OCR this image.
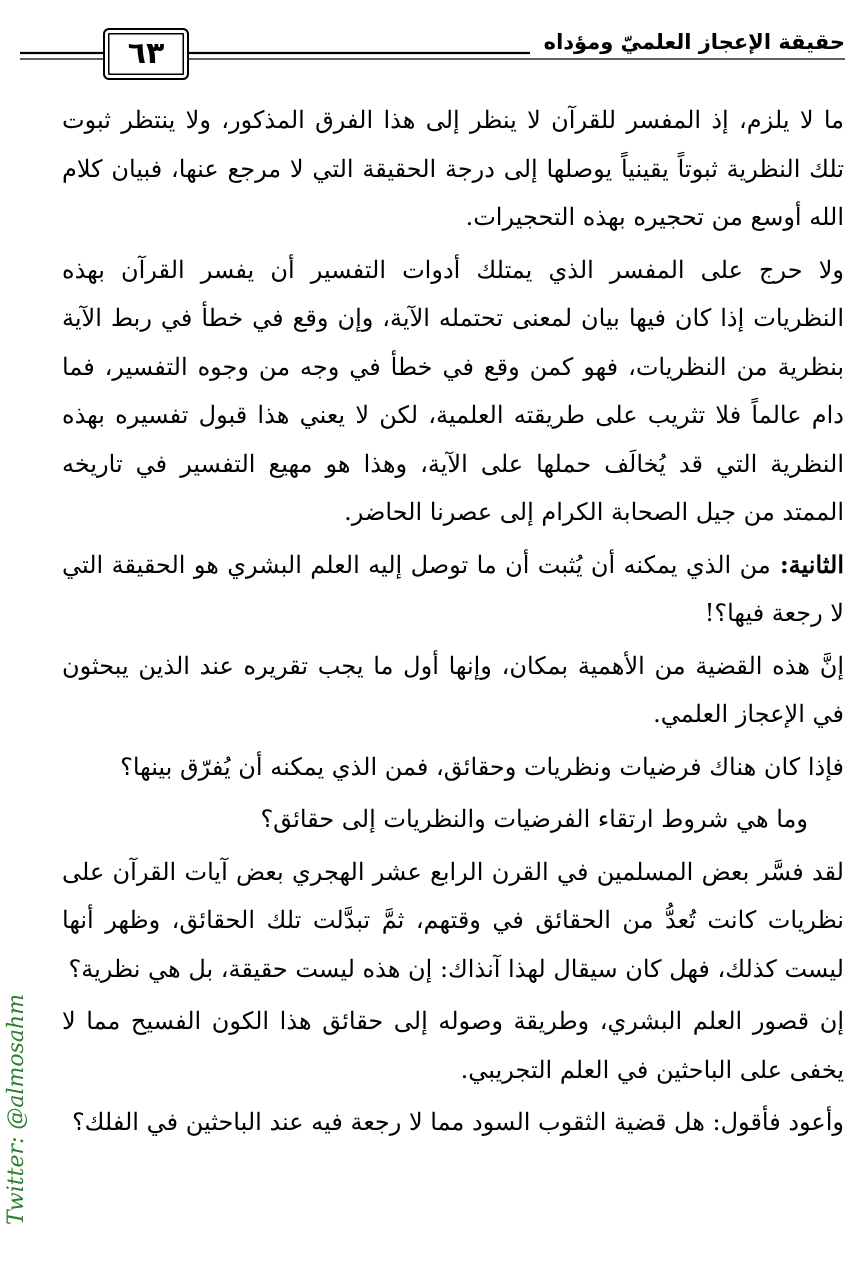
٦٣	حقيقة الإعجاز العلميّ ومؤداه

ما لا يلزم، إذ المفسر للقرآن لا ينظر إلى هذا الفرق المذكور، ولا ينتظر ثبوت تلك النظرية ثبوتاً يقينياً يوصلها إلى درجة الحقيقة التي لا مرجع عنها، فبيان كلام الله أوسع من تحجيره بهذه التحجيرات.

ولا حرج على المفسر الذي يمتلك أدوات التفسير أن يفسر القرآن بهذه النظريات إذا كان فيها بيان لمعنى تحتمله الآية، وإن وقع في خطأ في ربط الآية بنظرية من النظريات، فهو كمن وقع في خطأ في وجه من وجوه التفسير، فما دام عالماً فلا تثريب على طريقته العلمية، لكن لا يعني هذا قبول تفسيره بهذه النظرية التي قد يُخالَف حملها على الآية، وهذا هو مهيع التفسير في تاريخه الممتد من جيل الصحابة الكرام إلى عصرنا الحاضر.

الثانية: من الذي يمكنه أن يُثبت أن ما توصل إليه العلم البشري هو الحقيقة التي لا رجعة فيها؟!

إنَّ هذه القضية من الأهمية بمكان، وإنها أول ما يجب تقريره عند الذين يبحثون في الإعجاز العلمي.

فإذا كان هناك فرضيات ونظريات وحقائق، فمن الذي يمكنه أن يُفرّق بينها؟

وما هي شروط ارتقاء الفرضيات والنظريات إلى حقائق؟

لقد فسَّر بعض المسلمين في القرن الرابع عشر الهجري بعض آيات القرآن على نظريات كانت تُعدُّ من الحقائق في وقتهم، ثمَّ تبدَّلت تلك الحقائق، وظهر أنها ليست كذلك، فهل كان سيقال لهذا آنذاك: إن هذه ليست حقيقة، بل هي نظرية؟

إن قصور العلم البشري، وطريقة وصوله إلى حقائق هذا الكون الفسيح مما لا يخفى على الباحثين في العلم التجريبي.

وأعود فأقول: هل قضية الثقوب السود مما لا رجعة فيه عند الباحثين في الفلك؟

Twitter: @almosahm
